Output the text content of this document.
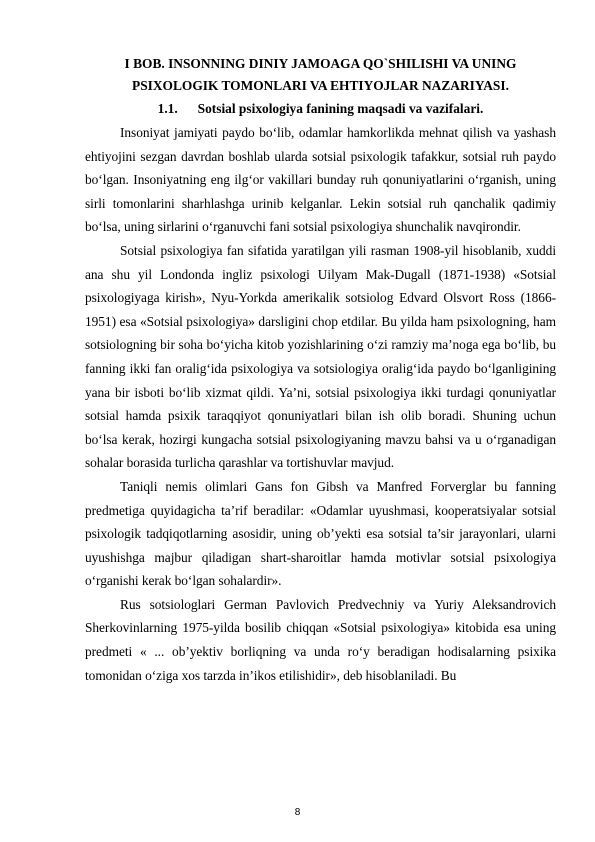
I BOB. INSONNING DINIY JAMOAGA QO`SHILISHI VA UNING

PSIXOLOGIK TOMONLARI VA EHTIYOJLAR NAZARIYASI.

1.1. Sotsial psixologiya fanining maqsadi va vazifalari.

Insoniyat jamiyati paydo bo‘lib, odamlar hamkorlikda mehnat qilish va yashash ehtiyojini sezgan davrdan boshlab ularda sotsial psixologik tafakkur, sotsial ruh paydo bo‘lgan. Insoniyatning eng ilg‘or vakillari bunday ruh qonuniyatlarini o‘rganish, uning sirli tomonlarini sharhlashga urinib kelganlar. Lekin sotsial ruh qanchalik qadimiy bo‘lsa, uning sirlarini o‘rganuvchi fani sotsial psixologiya shunchalik navqirondir.

Sotsial psixologiya fan sifatida yaratilgan yili rasman 1908-yil hisoblanib, xuddi ana shu yil Londonda ingliz psixologi Uilyam Mak-Dugall (1871-1938) «Sotsial psixologiyaga kirish», Nyu-Yorkda amerikalik sotsiolog Edvard Olsvort Ross (1866-1951) esa «Sotsial psixologiya» darsligini chop etdilar. Bu yilda ham psixologning, ham sotsiologning bir soha bo‘yicha kitob yozishlarining o‘zi ramziy ma’noga ega bo‘lib, bu fanning ikki fan oralig‘ida psixologiya va sotsiologiya oralig‘ida paydo bo‘lganligining yana bir isboti bo‘lib xizmat qildi. Ya’ni, sotsial psixologiya ikki turdagi qonuniyatlar sotsial hamda psixik taraqqiyot qonuniyatlari bilan ish olib boradi. Shuning uchun bo‘lsa kerak, hozirgi kungacha sotsial psixologiyaning mavzu bahsi va u o‘rganadigan sohalar borasida turlicha qarashlar va tortishuvlar mavjud.

Taniqli nemis olimlari Gans fon Gibsh va Manfred Forverglar bu fanning predmetiga quyidagicha ta’rif beradilar: «Odamlar uyushmasi, kooperatsiyalar sotsial psixologik tadqiqotlarning asosidir, uning ob’yekti esa sotsial ta’sir jarayonlari, ularni uyushishga majbur qiladigan shart-sharoitlar hamda motivlar sotsial psixologiya o‘rganishi kerak bo‘lgan sohalardir».

Rus sotsiologlari German Pavlovich Predvechniy va Yuriy Aleksandrovich Sherkovinlarning 1975-yilda bosilib chiqqan «Sotsial psixologiya» kitobida esa uning predmeti « ... ob’yektiv borliqning va unda ro‘y beradigan hodisalarning psixika tomonidan o‘ziga xos tarzda in’ikos etilishidir», deb hisoblaniladi. Bu

8
